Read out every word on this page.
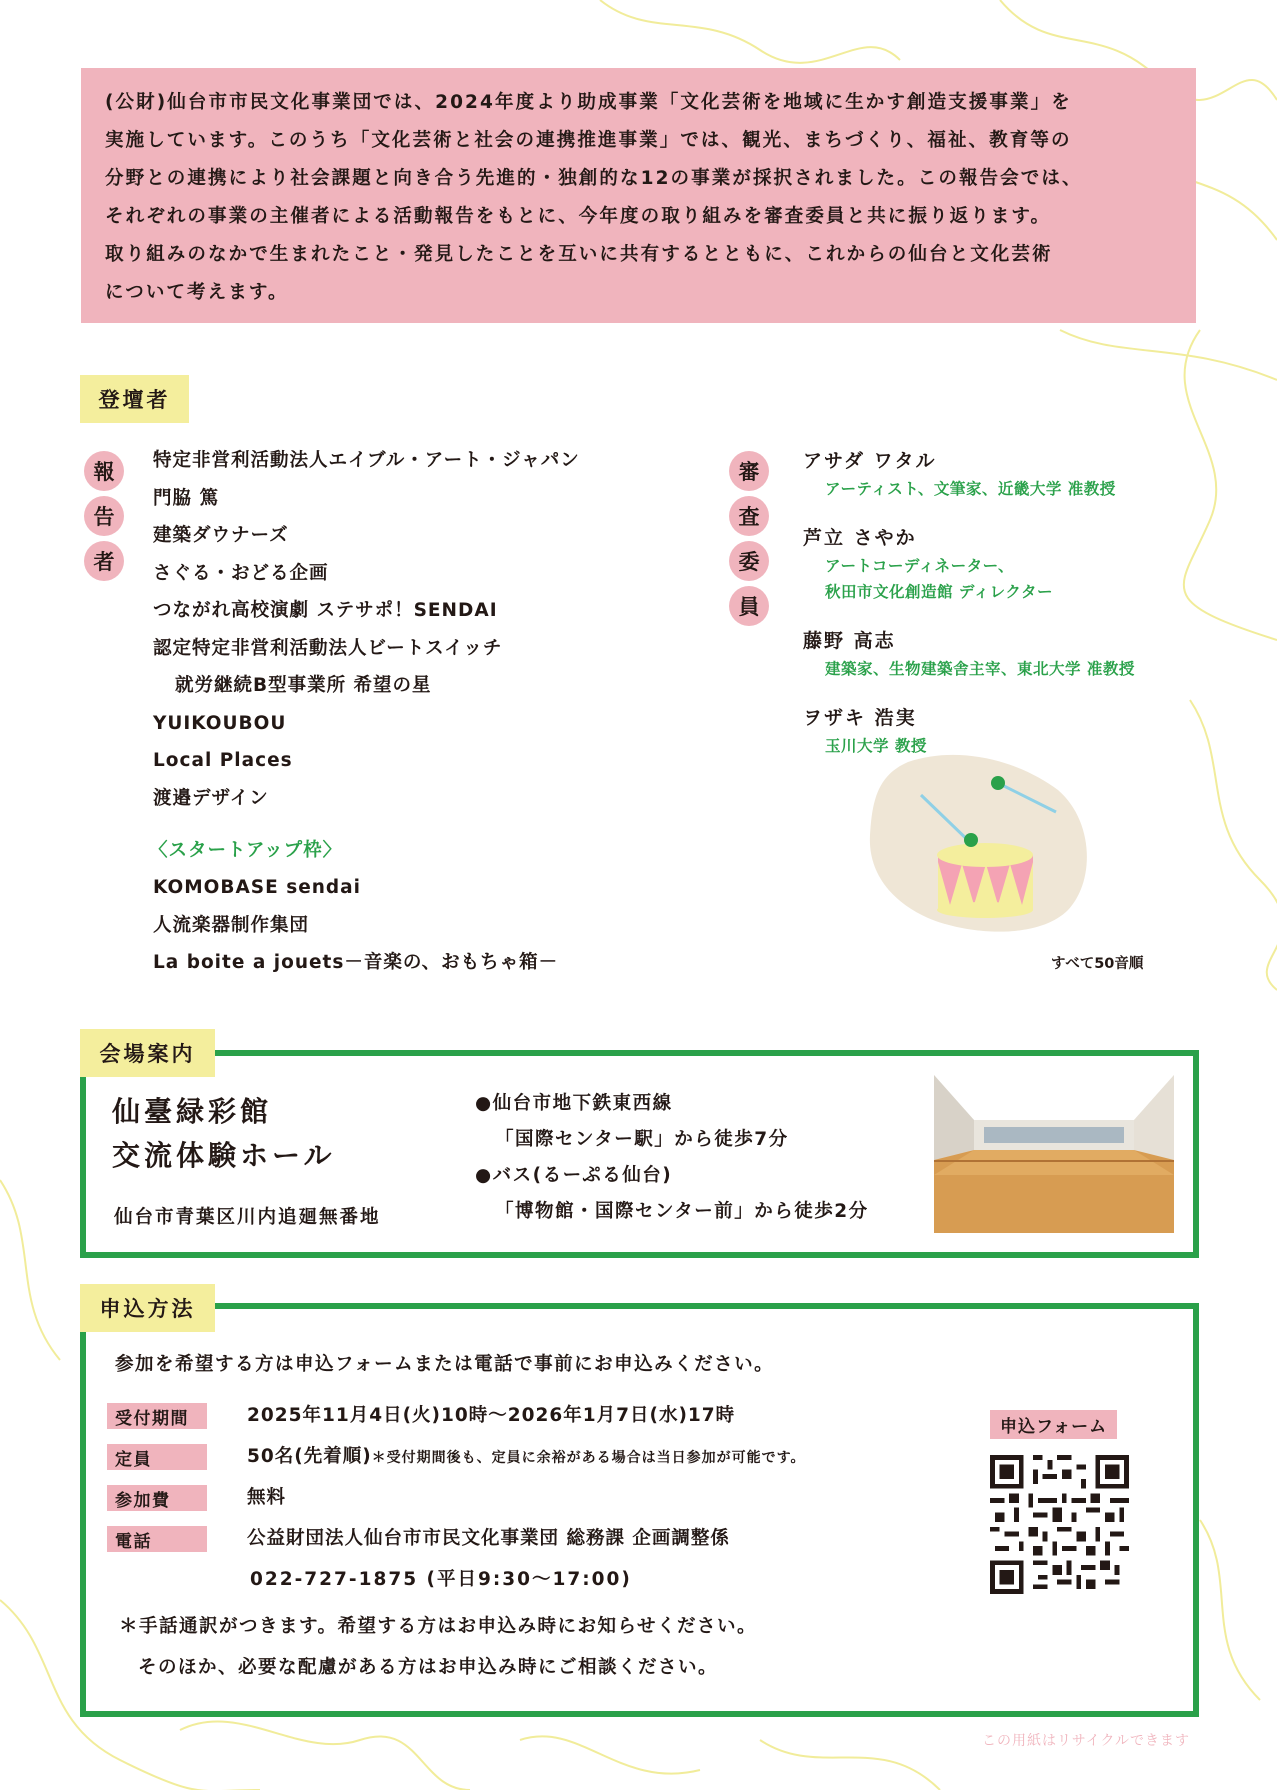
(公財)仙台市市民文化事業団では、2024年度より助成事業「文化芸術を地域に生かす創造支援事業」を
実施しています。このうち「文化芸術と社会の連携推進事業」では、観光、まちづくり、福祉、教育等の
分野との連携により社会課題と向き合う先進的・独創的な12の事業が採択されました。この報告会では、
それぞれの事業の主催者による活動報告をもとに、今年度の取り組みを審査委員と共に振り返ります。
取り組みのなかで生まれたこと・発見したことを互いに共有するとともに、これからの仙台と文化芸術
について考えます。

登壇者
報
告
者
特定非営利活動法人エイブル・アート・ジャパン
門脇 篤
建築ダウナーズ
さぐる・おどる企画
つながれ高校演劇 ステサポ！SENDAI
認定特定非営利活動法人ビートスイッチ
就労継続B型事業所 希望の星
YUIKOUBOU
Local Places
渡邉デザイン
〈スタートアップ枠〉
KOMOBASE sendai
人流楽器制作集団
La boite a jouets－音楽の、おもちゃ箱－
審
査
委
員
アサダ ワタル
アーティスト、文筆家、近畿大学 准教授
芦立 さやか
アートコーディネーター、
秋田市文化創造館 ディレクター
藤野 高志
建築家、生物建築舎主宰、東北大学 准教授
ヲザキ 浩実
玉川大学 教授
すべて50音順
会場案内
仙臺緑彩館
交流体験ホール
仙台市青葉区川内追廻無番地
●仙台市地下鉄東西線
「国際センター駅」から徒歩7分
●バス(るーぷる仙台)
「博物館・国際センター前」から徒歩2分
申込方法
参加を希望する方は申込フォームまたは電話で事前にお申込みください。
受付期間	2025年11月4日(火)10時～2026年1月7日(水)17時
定員	50名(先着順)＊受付期間後も、定員に余裕がある場合は当日参加が可能です。
参加費	無料
電話	公益財団法人仙台市市民文化事業団 総務課 企画調整係
022-727-1875 (平日9:30～17:00)
＊手話通訳がつきます。希望する方はお申込み時にお知らせください。
そのほか、必要な配慮がある方はお申込み時にご相談ください。
申込フォーム
この用紙はリサイクルできます
